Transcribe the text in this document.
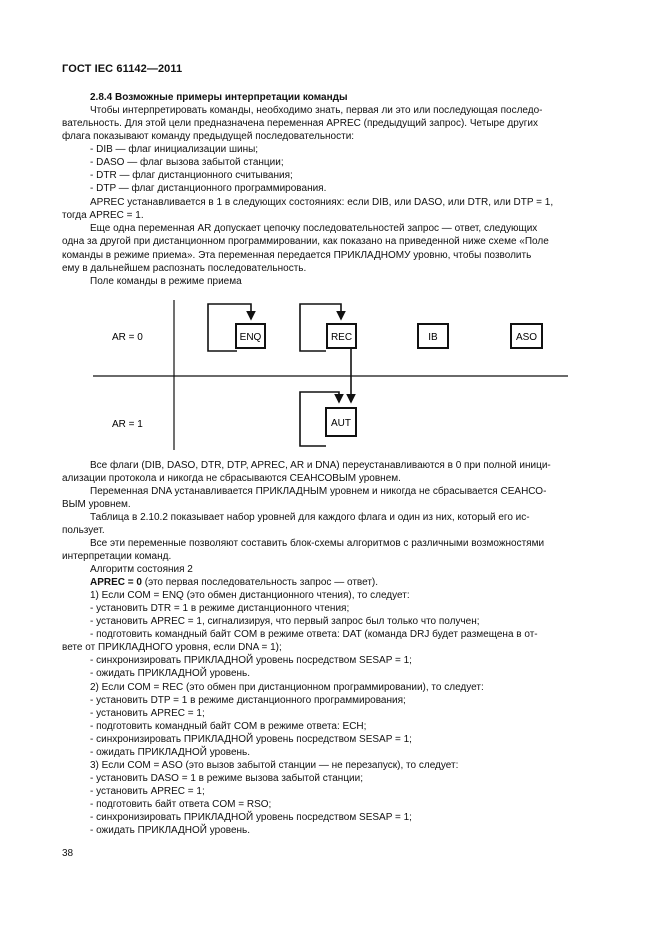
ГОСТ IEC 61142—2011
2.8.4 Возможные примеры интерпретации команды
Чтобы интерпретировать команды, необходимо знать, первая ли это или последующая последо-
вательность. Для этой цели предназначена переменная APREC (предыдущий запрос). Четыре других
флага показывают команду предыдущей последовательности:
- DIB — флаг инициализации шины;
- DASO — флаг вызова забытой станции;
- DTR — флаг дистанционного считывания;
- DTP — флаг дистанционного программирования.
APREC устанавливается в 1 в следующих состояниях: если DIB, или DASO, или DTR, или DTP = 1,
тогда APREC = 1.
Еще одна переменная AR допускает цепочку последовательностей запрос — ответ, следующих
одна за другой при дистанционном программировании, как показано на приведенной ниже схеме «Поле
команды в режиме приема». Эта переменная передается ПРИКЛАДНОМУ уровню, чтобы позволить
ему в дальнейшем распознать последовательность.
Поле команды в режиме приема
AR = 0
AR = 1
ENQ	REC
AUT
IB	ASO
Все флаги (DIB, DASO, DTR, DTP, APREC, AR и DNA) переустанавливаются в 0 при полной иници-
ализации протокола и никогда не сбрасываются СЕАНСОВЫМ уровнем.
Переменная DNA устанавливается ПРИКЛАДНЫМ уровнем и никогда не сбрасывается СЕАНСО-
ВЫМ уровнем.
Таблица в 2.10.2 показывает набор уровней для каждого флага и один из них, который его ис-
пользует.
Все эти переменные позволяют составить блок-схемы алгоритмов с различными возможностями
интерпретации команд.
Алгоритм состояния 2
APREC = 0 (это первая последовательность запрос — ответ).
1) Если COM = ENQ (это обмен дистанционного чтения), то следует:
- установить DTR = 1 в режиме дистанционного чтения;
- установить APREC = 1, сигнализируя, что первый запрос был только что получен;
- подготовить командный байт COM в режиме ответа: DAT (команда DRJ будет размещена в от-
вете от ПРИКЛАДНОГО уровня, если DNA = 1);
- синхронизировать ПРИКЛАДНОЙ уровень посредством SESAP = 1;
- ожидать ПРИКЛАДНОЙ уровень.
2) Если COM = REC (это обмен при дистанционном программировании), то следует:
- установить DTP = 1 в режиме дистанционного программирования;
- установить APREC = 1;
- подготовить командный байт COM в режиме ответа: ECH;
- синхронизировать ПРИКЛАДНОЙ уровень посредством SESAP = 1;
- ожидать ПРИКЛАДНОЙ уровень.
3) Если COM = ASO (это вызов забытой станции — не перезапуск), то следует:
- установить DASO = 1 в режиме вызова забытой станции;
- установить APREC = 1;
- подготовить байт ответа COM = RSO;
- синхронизировать ПРИКЛАДНОЙ уровень посредством SESAP = 1;
- ожидать ПРИКЛАДНОЙ уровень.
38
